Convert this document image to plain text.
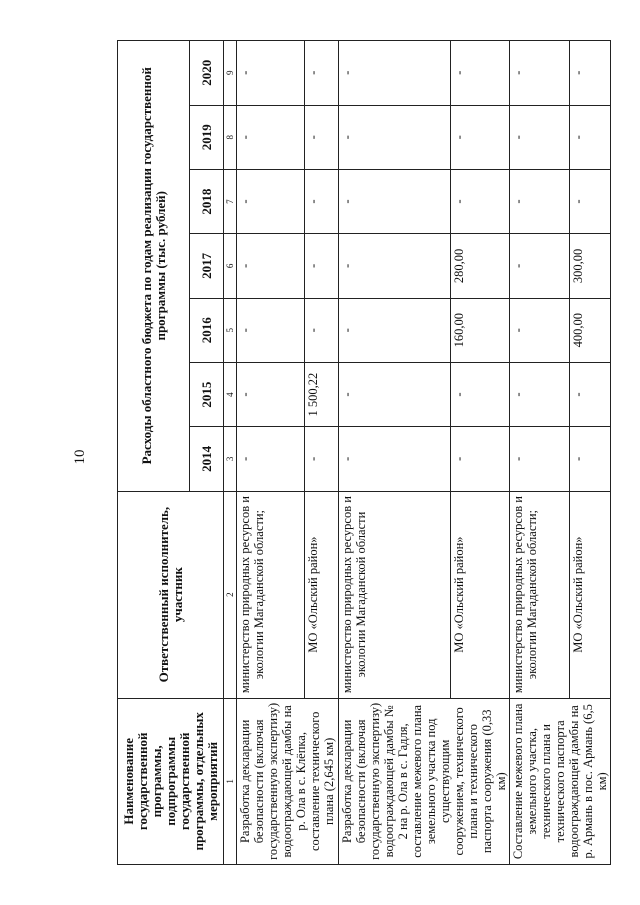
10
Наименование государственной программы, подпрограммы государственной программы, отдельных мероприятий	Ответственный исполнитель, участник	Расходы областного бюджета по годам реализации государственной программы (тыс. рублей)						
		2014	2015	2016	2017	2018	2019	2020
1	2	3	4	5	6	7	8	9
Разработка декларации безопасности (включая государственную экспертизу) водоограждающей дамбы на р. Ола в с. Клёпка, составление технического плана (2,645 км)	министерство природных ресурсов и экологии Магаданской области;	-	-	-	-	-	-	-
	МО «Ольский район»	-	1 500,22	-	-	-	-	-
Разработка декларации безопасности (включая государственную экспертизу) водоограждающей дамбы № 2 на р. Ола в с. Гадля, составление межевого плана земельного участка под существующим сооружением, технического плана и технического паспорта сооружения (0,33 км)	министерство природных ресурсов и экологии Магаданской области	-	-	-	-	-	-	-
	МО «Ольский район»	-	-	160,00	280,00	-	-	-
Составление межевого плана земельного участка, технического плана и технического паспорта водоограждающей дамбы на р. Армань в пос. Армань (6,5 км)	министерство природных ресурсов и экологии Магаданской области;	-	-	-	-	-	-	-
	МО «Ольский район»	-	-	400,00	300,00	-	-	-
